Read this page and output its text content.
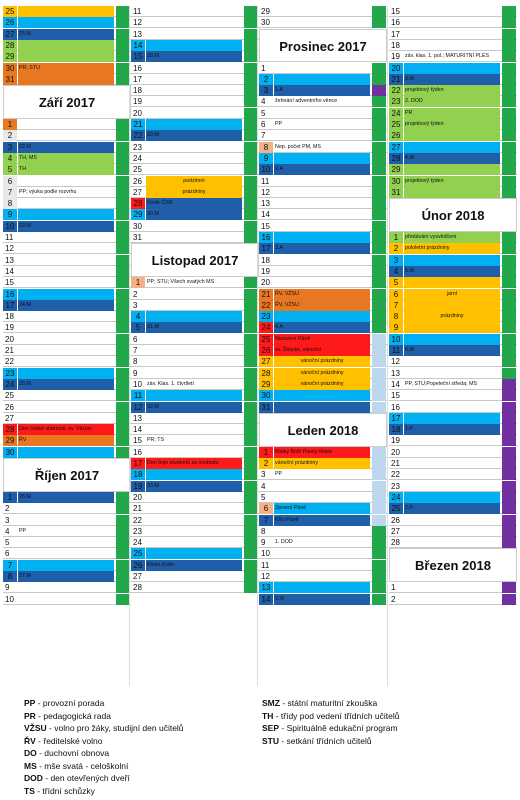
25
26
27 25.M
28
29
30 PR; STU
31
Září 2017
1
2
3	22.M
4	TH, MS
5	TH
6
7	PP; výuka podle rozvrhu
8
9
10 23.M
11
12
13
14
15
16
17 24.M
18
19
20
21
22
23
24 25.M
25
26
27
28 Den české státnosti, sv. Václav
29 ŘV
30
Říjen 2017
1	26.M
2
3
4 PP
5
6
7
8	27.M
9
10
11
12
13
14
15 28.M
16
17
18
19
20
21
22 29.M
23
24
25
26	podzimní
27	prázdniny
28 Vznik ČSR
29 30.M
30
31
Listopad 2017
1	PP; STU; Všech svatých MS
2
3
4
5	31.M
6
7
8
9
10 záv. Klas. 1. čtvrtletí
11
12 32.M
13
14
15 PR; TS
16
17 Den boje studentů za svobodu
18
19 33.M
20
21
22
23
24
25
26 Krista Krále
27
28
29
30
Prosinec 2017
1
2
3	1.A
4 žehnání adventního věnce
5
6 PP
7
8	Nep. počet PM, MS
9
10 2.A
11
12
13
14
15
16
17 3.A
18
19
20
21 ŘV, VŽSU
22 ŘV, VŽSU
23
24 4.A
25 Narození Páně
26 sv. Štěpán, vánoční
27	vánoční prázdniny
28	vánoční prázdniny
29	vánoční prázdniny
30
31
Leden 2018
1	Matky Boží Panny Marie
2	vánoční prázdniny
3 PP
4
5
6	Zjevení Páně
7	Křtu Páně
8
9 1. DOD
10
11
12
13
14 2.M
15
16
17
18
19 záv. klas. 1. pol.; MATURITNÍ PLES
20
21 3.M
22 projektový týden
23 2. DOD
24 PR
25 projektový týden
26
27
28 4.M
29
30 projektový týden
31
Únor 2018
1	předávání vysvědčení
2	pololetní prázdniny
3
4	5.M
5
6	jarní
7
8	prázdniny
9
10
11 6.M
12
13
14 PP, STU;Popeleční středa; MS
15
16
17
18 1.P
19
20
21
22
23
24
25 2.P
26
27
28
Březen 2018
1
2
PP - provozní porada
PR - pedagogická rada
VŽSU - volno pro žáky, studijní den učitelů
ŘV - ředitelské volno
DO - duchovní obnova
MS - mše svatá - celoškolní
DOD - den otevřených dveří
TS - třídní schůzky
SMZ - státní maturitní zkouška
TH - třídy pod vedení třídních učitelů
SEP - Spirituálně edukační program
STU - setkání třídních učitelů
